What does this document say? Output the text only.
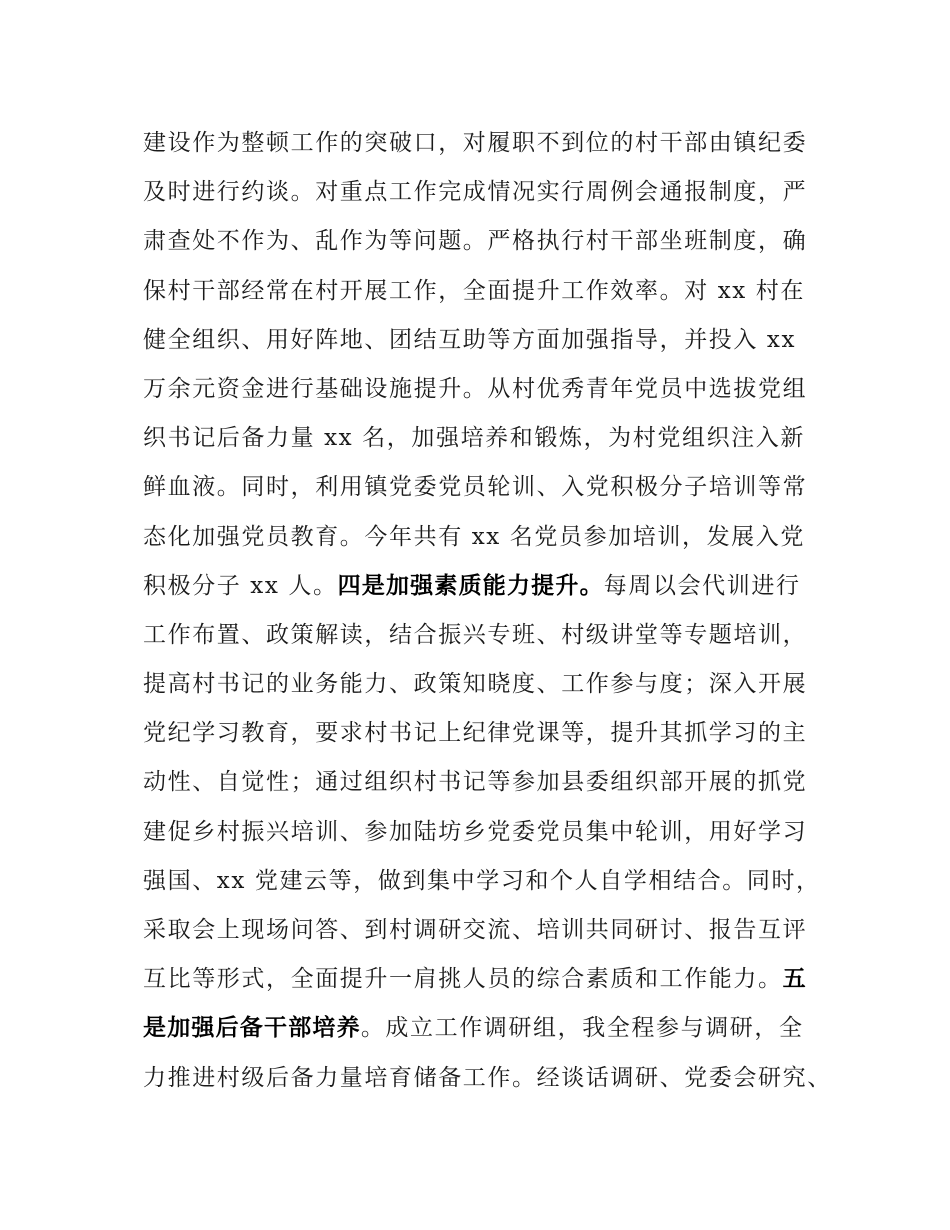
建设作为整顿工作的突破口，对履职不到位的村干部由镇纪委
及时进行约谈。对重点工作完成情况实行周例会通报制度，严
肃查处不作为、乱作为等问题。严格执行村干部坐班制度，确
保村干部经常在村开展工作，全面提升工作效率。对 xx 村在
健全组织、用好阵地、团结互助等方面加强指导，并投入 xx
万余元资金进行基础设施提升。从村优秀青年党员中选拔党组
织书记后备力量 xx 名，加强培养和锻炼，为村党组织注入新
鲜血液。同时，利用镇党委党员轮训、入党积极分子培训等常
态化加强党员教育。今年共有 xx 名党员参加培训，发展入党
积极分子 xx 人。四是加强素质能力提升。每周以会代训进行
工作布置、政策解读，结合振兴专班、村级讲堂等专题培训，
提高村书记的业务能力、政策知晓度、工作参与度；深入开展
党纪学习教育，要求村书记上纪律党课等，提升其抓学习的主
动性、自觉性；通过组织村书记等参加县委组织部开展的抓党
建促乡村振兴培训、参加陆坊乡党委党员集中轮训，用好学习
强国、xx 党建云等，做到集中学习和个人自学相结合。同时，
采取会上现场问答、到村调研交流、培训共同研讨、报告互评
互比等形式，全面提升一肩挑人员的综合素质和工作能力。五
是加强后备干部培养。成立工作调研组，我全程参与调研，全
力推进村级后备力量培育储备工作。经谈话调研、党委会研究、
